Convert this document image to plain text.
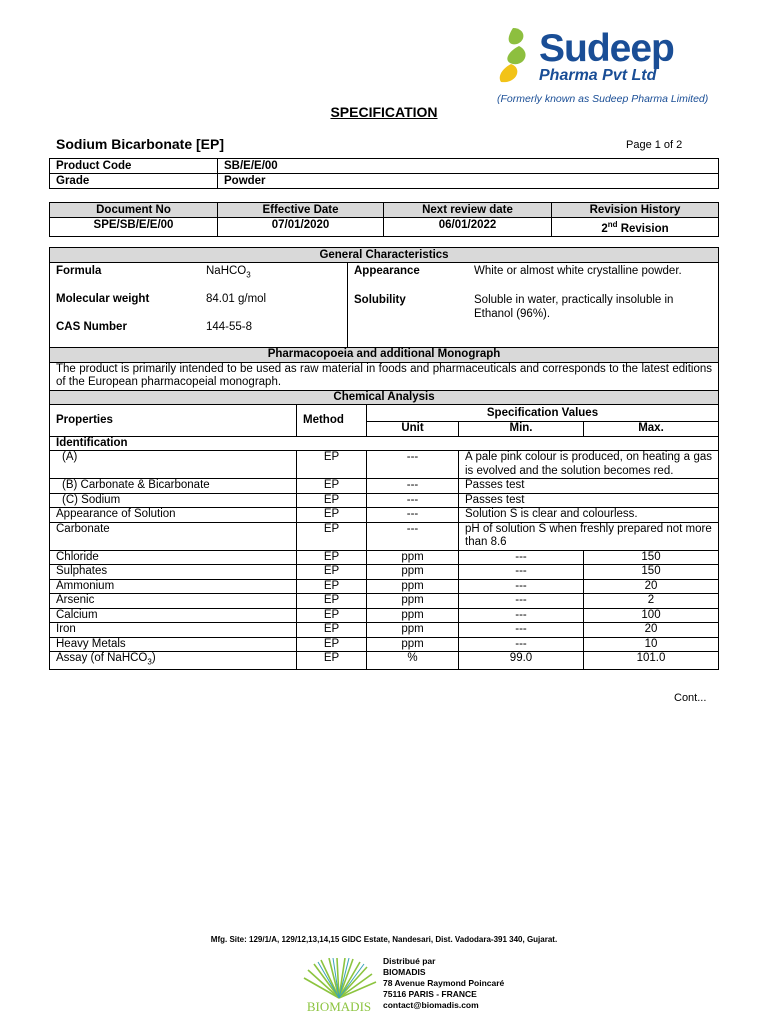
Sudeep
Pharma Pvt Ltd
(Formerly known as Sudeep Pharma Limited)
SPECIFICATION
Sodium Bicarbonate [EP]	Page 1 of 2
Product Code	SB/E/E/00
Grade	Powder
Document No	Effective Date	Next review date	Revision History
SPE/SB/E/E/00	07/01/2020	06/01/2022	2nd Revision
General Characteristics

Formula	NaHCO$_3$
Molecular weight	84.01 g/mol
CAS Number	144-55-8

Appearance	White or almost white crystalline powder.
Solubility	Soluble in water, practically insoluble in Ethanol (96%).
Pharmacopoeia and additional Monograph				
The product is primarily intended to be used as raw material in foods and pharmaceuticals and corresponds to the latest editions of the European pharmacopeial monograph.				
Chemical Analysis				
Properties	Method	Specification Values		
		Unit	Min.	Max.
Identification				
(A)	EP	---	A pale pink colour is produced, on heating a gas is evolved and the solution becomes red.	
(B) Carbonate & Bicarbonate	EP	---	Passes test	
(C) Sodium	EP	---	Passes test	
Appearance of Solution	EP	---	Solution S is clear and colourless.	
Carbonate	EP	---	pH of solution S when freshly prepared not more than 8.6	
Chloride	EP	ppm	---	150
Sulphates	EP	ppm	---	150
Ammonium	EP	ppm	---	20
Arsenic	EP	ppm	---	2
Calcium	EP	ppm	---	100
Iron	EP	ppm	---	20
Heavy Metals	EP	ppm	---	10
Assay (of NaHCO$_3$)	EP	%	99.0	101.0
Cont...
Mfg. Site: 129/1/A, 129/12,13,14,15 GIDC Estate, Nandesari, Dist. Vadodara-391 340, Gujarat.
BIOMADIS
Distribué par
BIOMADIS
78 Avenue Raymond Poincaré
75116 PARIS - FRANCE
contact@biomadis.com
